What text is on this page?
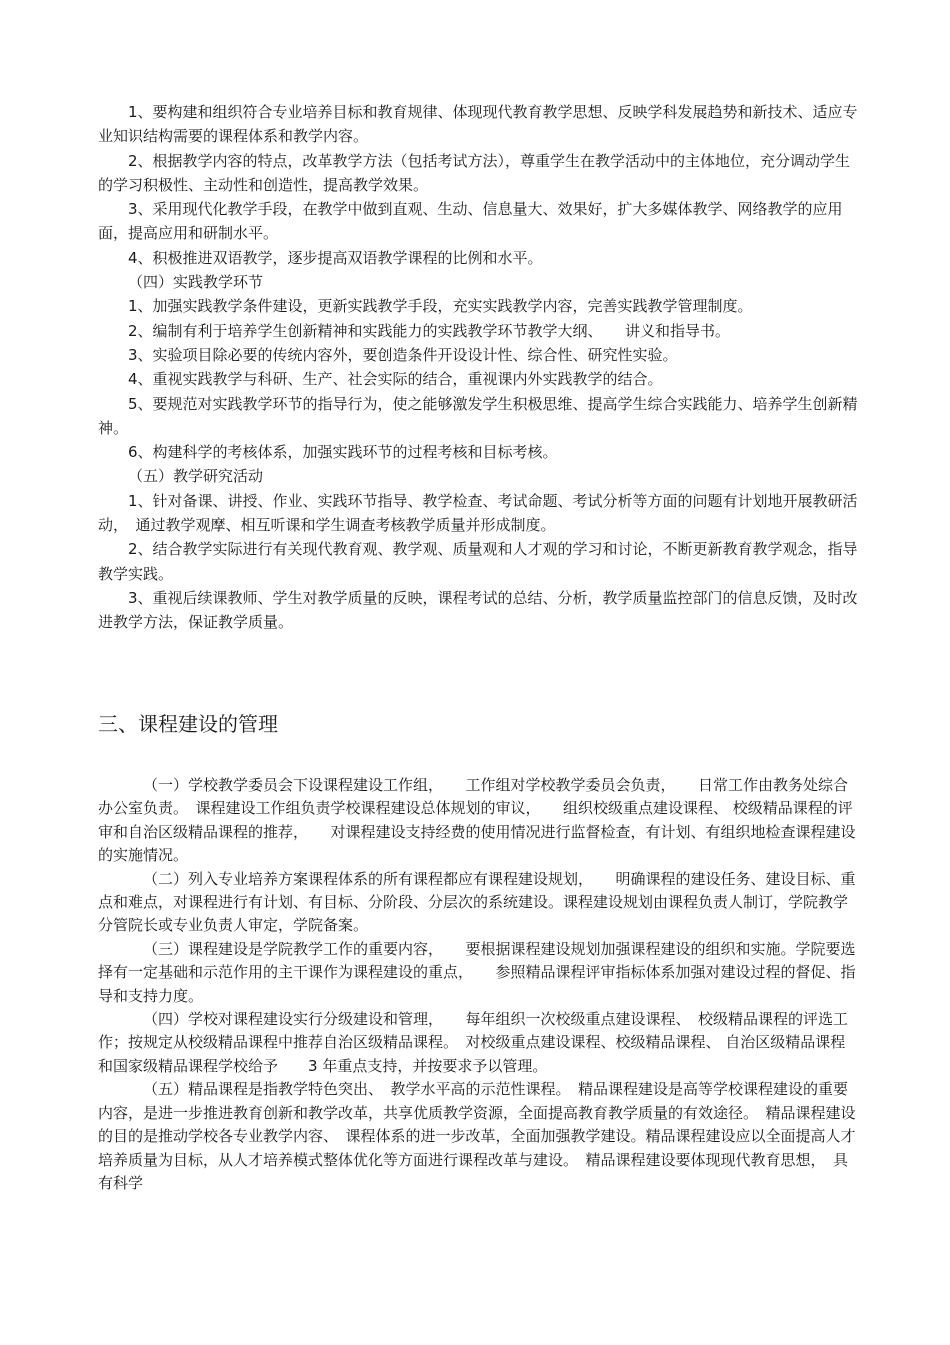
1、要构建和组织符合专业培养目标和教育规律、体现现代教育教学思想、反映学科发展趋势和新技术、适应专业知识结构需要的课程体系和教学内容。

2、根据教学内容的特点，改革教学方法（包括考试方法），尊重学生在教学活动中的主体地位，充分调动学生的学习积极性、主动性和创造性，提高教学效果。

3、采用现代化教学手段，在教学中做到直观、生动、信息量大、效果好，扩大多媒体教学、网络教学的应用面，提高应用和研制水平。

4、积极推进双语教学，逐步提高双语教学课程的比例和水平。

（四）实践教学环节

1、加强实践教学条件建设，更新实践教学手段，充实实践教学内容，完善实践教学管理制度。

2、编制有利于培养学生创新精神和实践能力的实践教学环节教学大纲、　　讲义和指导书。

3、实验项目除必要的传统内容外，要创造条件开设设计性、综合性、研究性实验。

4、重视实践教学与科研、生产、社会实际的结合，重视课内外实践教学的结合。

5、要规范对实践教学环节的指导行为，使之能够激发学生积极思维、提高学生综合实践能力、培养学生创新精神。

6、构建科学的考核体系，加强实践环节的过程考核和目标考核。

（五）教学研究活动

1、针对备课、讲授、作业、实践环节指导、教学检查、考试命题、考试分析等方面的问题有计划地开展教研活动，　通过教学观摩、相互听课和学生调查考核教学质量并形成制度。

2、结合教学实际进行有关现代教育观、教学观、质量观和人才观的学习和讨论，不断更新教育教学观念，指导教学实践。

3、重视后续课教师、学生对教学质量的反映，课程考试的总结、分析，教学质量监控部门的信息反馈，及时改进教学方法，保证教学质量。

三、课程建设的管理

（一）学校教学委员会下设课程建设工作组，　　工作组对学校教学委员会负责，　　日常工作由教务处综合办公室负责。　课程建设工作组负责学校课程建设总体规划的审议，　　组织校级重点建设课程、 校级精品课程的评审和自治区级精品课程的推荐，　　对课程建设支持经费的使用情况进行监督检查，有计划、有组织地检查课程建设的实施情况。

（二）列入专业培养方案课程体系的所有课程都应有课程建设规划，　　明确课程的建设任务、建设目标、重点和难点，对课程进行有计划、有目标、分阶段、分层次的系统建设。课程建设规划由课程负责人制订，学院教学分管院长或专业负责人审定，学院备案。

（三）课程建设是学院教学工作的重要内容，　　要根据课程建设规划加强课程建设的组织和实施。学院要选择有一定基础和示范作用的主干课作为课程建设的重点，　　参照精品课程评审指标体系加强对建设过程的督促、指导和支持力度。

（四）学校对课程建设实行分级建设和管理，　　每年组织一次校级重点建设课程、　校级精品课程的评选工作；按规定从校级精品课程中推荐自治区级精品课程。　对校级重点建设课程、校级精品课程、 自治区级精品课程和国家级精品课程学校给予　　3 年重点支持，并按要求予以管理。

（五）精品课程是指教学特色突出、　教学水平高的示范性课程。　精品课程建设是高等学校课程建设的重要内容，是进一步推进教育创新和教学改革，共享优质教学资源，全面提高教育教学质量的有效途径。　精品课程建设的目的是推动学校各专业教学内容、　课程体系的进一步改革，全面加强教学建设。精品课程建设应以全面提高人才培养质量为目标，从人才培养模式整体优化等方面进行课程改革与建设。　精品课程建设要体现现代教育思想，　具有科学
